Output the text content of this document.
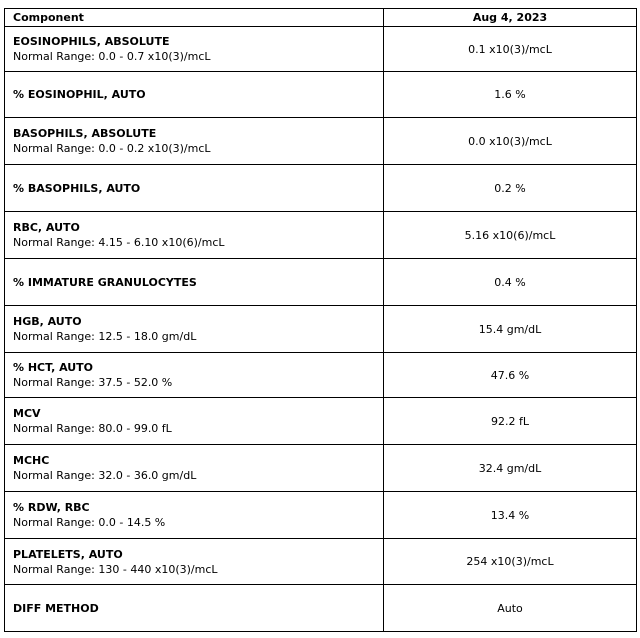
Component	Aug 4, 2023

EOSINOPHILS, ABSOLUTE
Normal Range: 0.0 - 0.7 x10(3)/mcL	0.1 x10(3)/mcL

% EOSINOPHIL, AUTO	1.6 %

BASOPHILS, ABSOLUTE
Normal Range: 0.0 - 0.2 x10(3)/mcL	0.0 x10(3)/mcL

% BASOPHILS, AUTO	0.2 %

RBC, AUTO
Normal Range: 4.15 - 6.10 x10(6)/mcL	5.16 x10(6)/mcL

% IMMATURE GRANULOCYTES	0.4 %

HGB, AUTO
Normal Range: 12.5 - 18.0 gm/dL	15.4 gm/dL

% HCT, AUTO
Normal Range: 37.5 - 52.0 %	47.6 %

MCV
Normal Range: 80.0 - 99.0 fL	92.2 fL

MCHC
Normal Range: 32.0 - 36.0 gm/dL	32.4 gm/dL

% RDW, RBC
Normal Range: 0.0 - 14.5 %	13.4 %

PLATELETS, AUTO
Normal Range: 130 - 440 x10(3)/mcL	254 x10(3)/mcL

DIFF METHOD	Auto
